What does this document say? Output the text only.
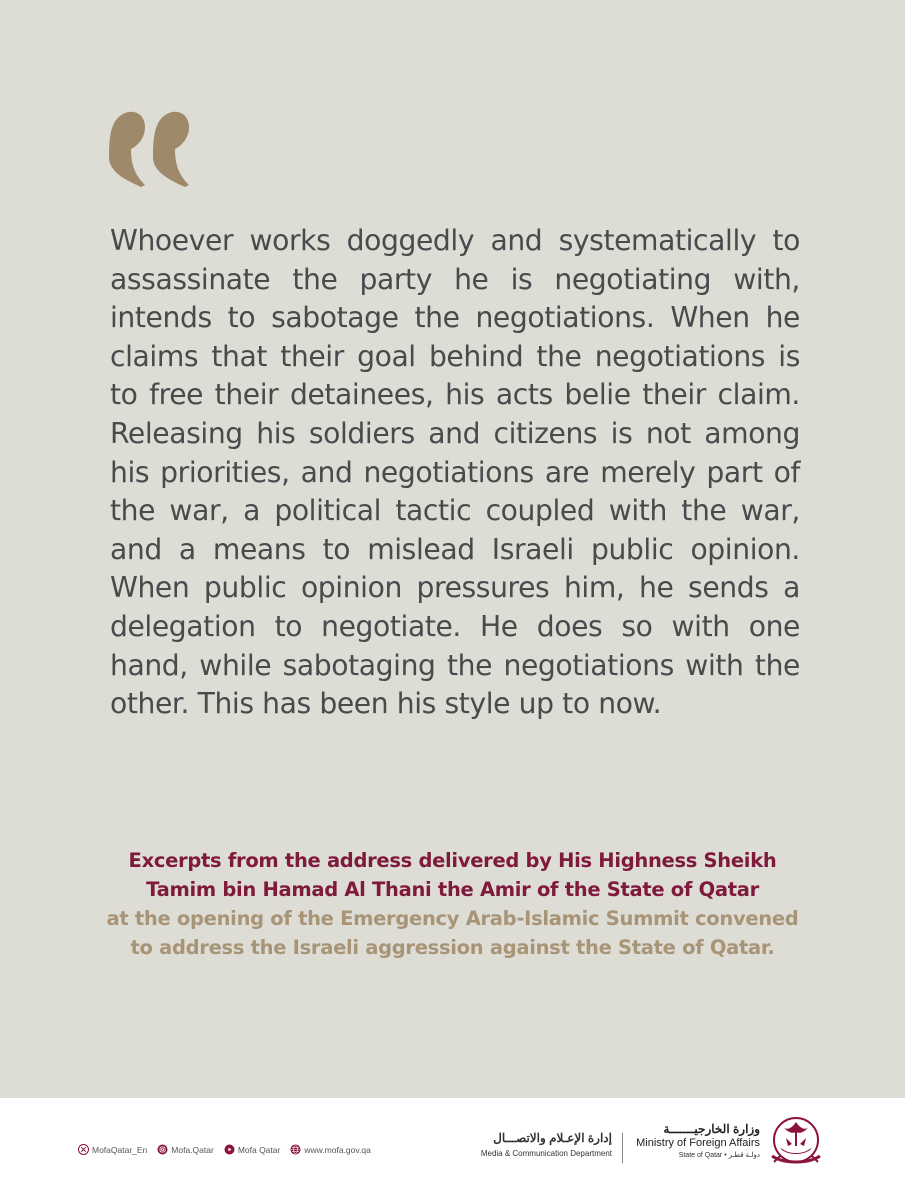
Whoever works doggedly and systematically to assassinate the party he is negotiating with, intends to sabotage the negotiations. When he claims that their goal behind the negotiations is to free their detainees, his acts belie their claim. Releasing his soldiers and citizens is not among his priorities, and negotiations are merely part of the war, a political tactic coupled with the war, and a means to mislead Israeli public opinion. When public opinion pressures him, he sends a delegation to negotiate. He does so with one hand, while sabotaging the negotiations with the other. This has been his style up to now.

Excerpts from the address delivered by His Highness Sheikh
Tamim bin Hamad Al Thani the Amir of the State of Qatar
at the opening of the Emergency Arab-Islamic Summit convened
to address the Israeli aggression against the State of Qatar.
MofaQatar_En	Mofa.Qatar	Mofa Qatar	www.mofa.gov.qa
إدارة الإعـلام والاتصـــال
Media & Communication Department
وزارة الخارجيـــــــة
Ministry of Foreign Affairs
State of Qatar • دولـة قطـر
